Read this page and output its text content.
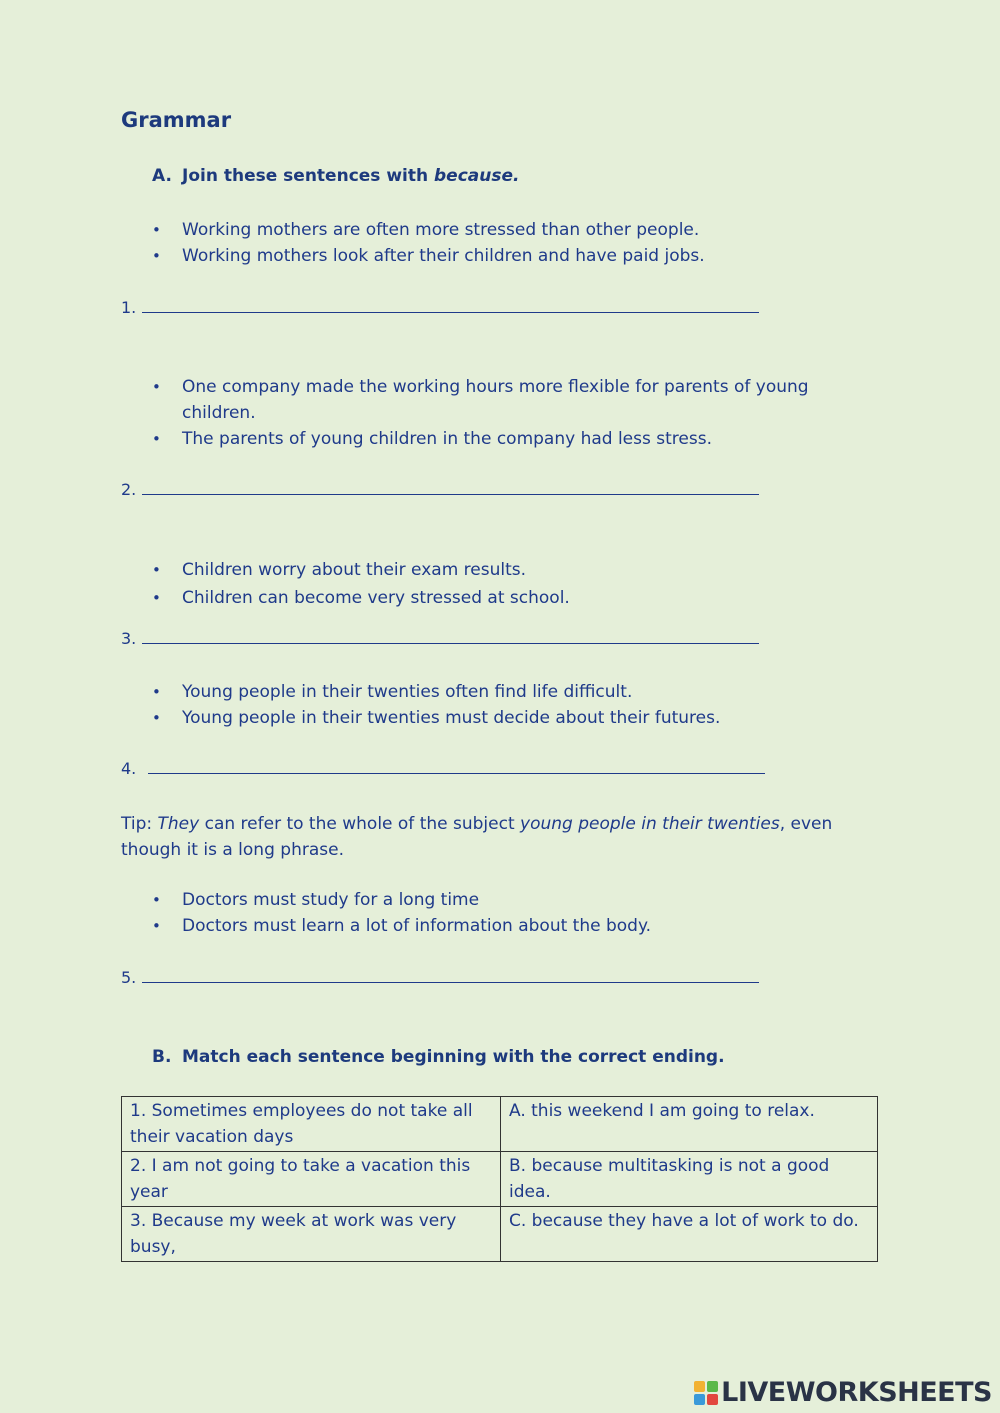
Grammar
A. Join these sentences with because.
• Working mothers are often more stressed than other people.
• Working mothers look after their children and have paid jobs.
1.
• One company made the working hours more flexible for parents of young children.
• The parents of young children in the company had less stress.
2.
• Children worry about their exam results.
• Children can become very stressed at school.
3.
• Young people in their twenties often find life difficult.
• Young people in their twenties must decide about their futures.
4.
Tip: They can refer to the whole of the subject young people in their twenties, even though it is a long phrase.
• Doctors must study for a long time
• Doctors must learn a lot of information about the body.
5.
B. Match each sentence beginning with the correct ending.
1. Sometimes employees do not take all their vacation days	A. this weekend I am going to relax.
2. I am not going to take a vacation this year	B. because multitasking is not a good idea.
3. Because my week at work was very busy,	C. because they have a lot of work to do.
LIVEWORKSHEETS
